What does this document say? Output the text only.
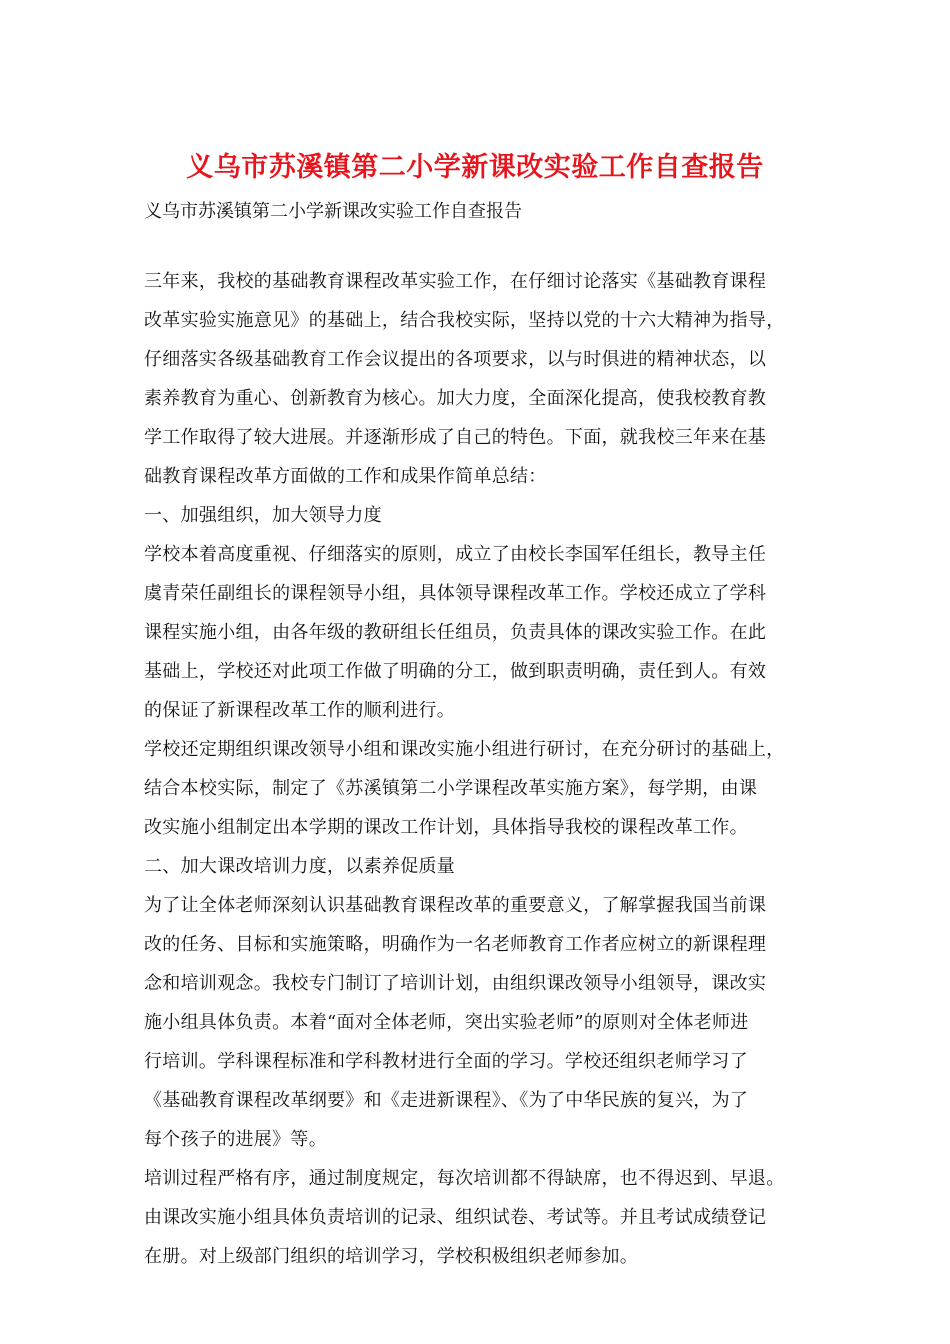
义乌市苏溪镇第二小学新课改实验工作自查报告
义乌市苏溪镇第二小学新课改实验工作自查报告
三年来，我校的基础教育课程改革实验工作，在仔细讨论落实《基础教育课程
改革实验实施意见》的基础上，结合我校实际，坚持以党的十六大精神为指导，
仔细落实各级基础教育工作会议提出的各项要求，以与时俱进的精神状态，以
素养教育为重心、创新教育为核心。加大力度，全面深化提高，使我校教育教
学工作取得了较大进展。并逐渐形成了自己的特色。下面，就我校三年来在基
础教育课程改革方面做的工作和成果作简单总结：
一、加强组织，加大领导力度
学校本着高度重视、仔细落实的原则，成立了由校长李国军任组长，教导主任
虞青荣任副组长的课程领导小组，具体领导课程改革工作。学校还成立了学科
课程实施小组，由各年级的教研组长任组员，负责具体的课改实验工作。在此
基础上，学校还对此项工作做了明确的分工，做到职责明确，责任到人。有效
的保证了新课程改革工作的顺利进行。
学校还定期组织课改领导小组和课改实施小组进行研讨，在充分研讨的基础上，
结合本校实际，制定了《苏溪镇第二小学课程改革实施方案》，每学期，由课
改实施小组制定出本学期的课改工作计划，具体指导我校的课程改革工作。
二、加大课改培训力度，以素养促质量
为了让全体老师深刻认识基础教育课程改革的重要意义，了解掌握我国当前课
改的任务、目标和实施策略，明确作为一名老师教育工作者应树立的新课程理
念和培训观念。我校专门制订了培训计划，由组织课改领导小组领导，课改实
施小组具体负责。本着“面对全体老师，突出实验老师”的原则对全体老师进
行培训。学科课程标准和学科教材进行全面的学习。学校还组织老师学习了
《基础教育课程改革纲要》和《走进新课程》、《为了中华民族的复兴，为了
每个孩子的进展》等。
培训过程严格有序，通过制度规定，每次培训都不得缺席，也不得迟到、早退。
由课改实施小组具体负责培训的记录、组织试卷、考试等。并且考试成绩登记
在册。对上级部门组织的培训学习，学校积极组织老师参加。
